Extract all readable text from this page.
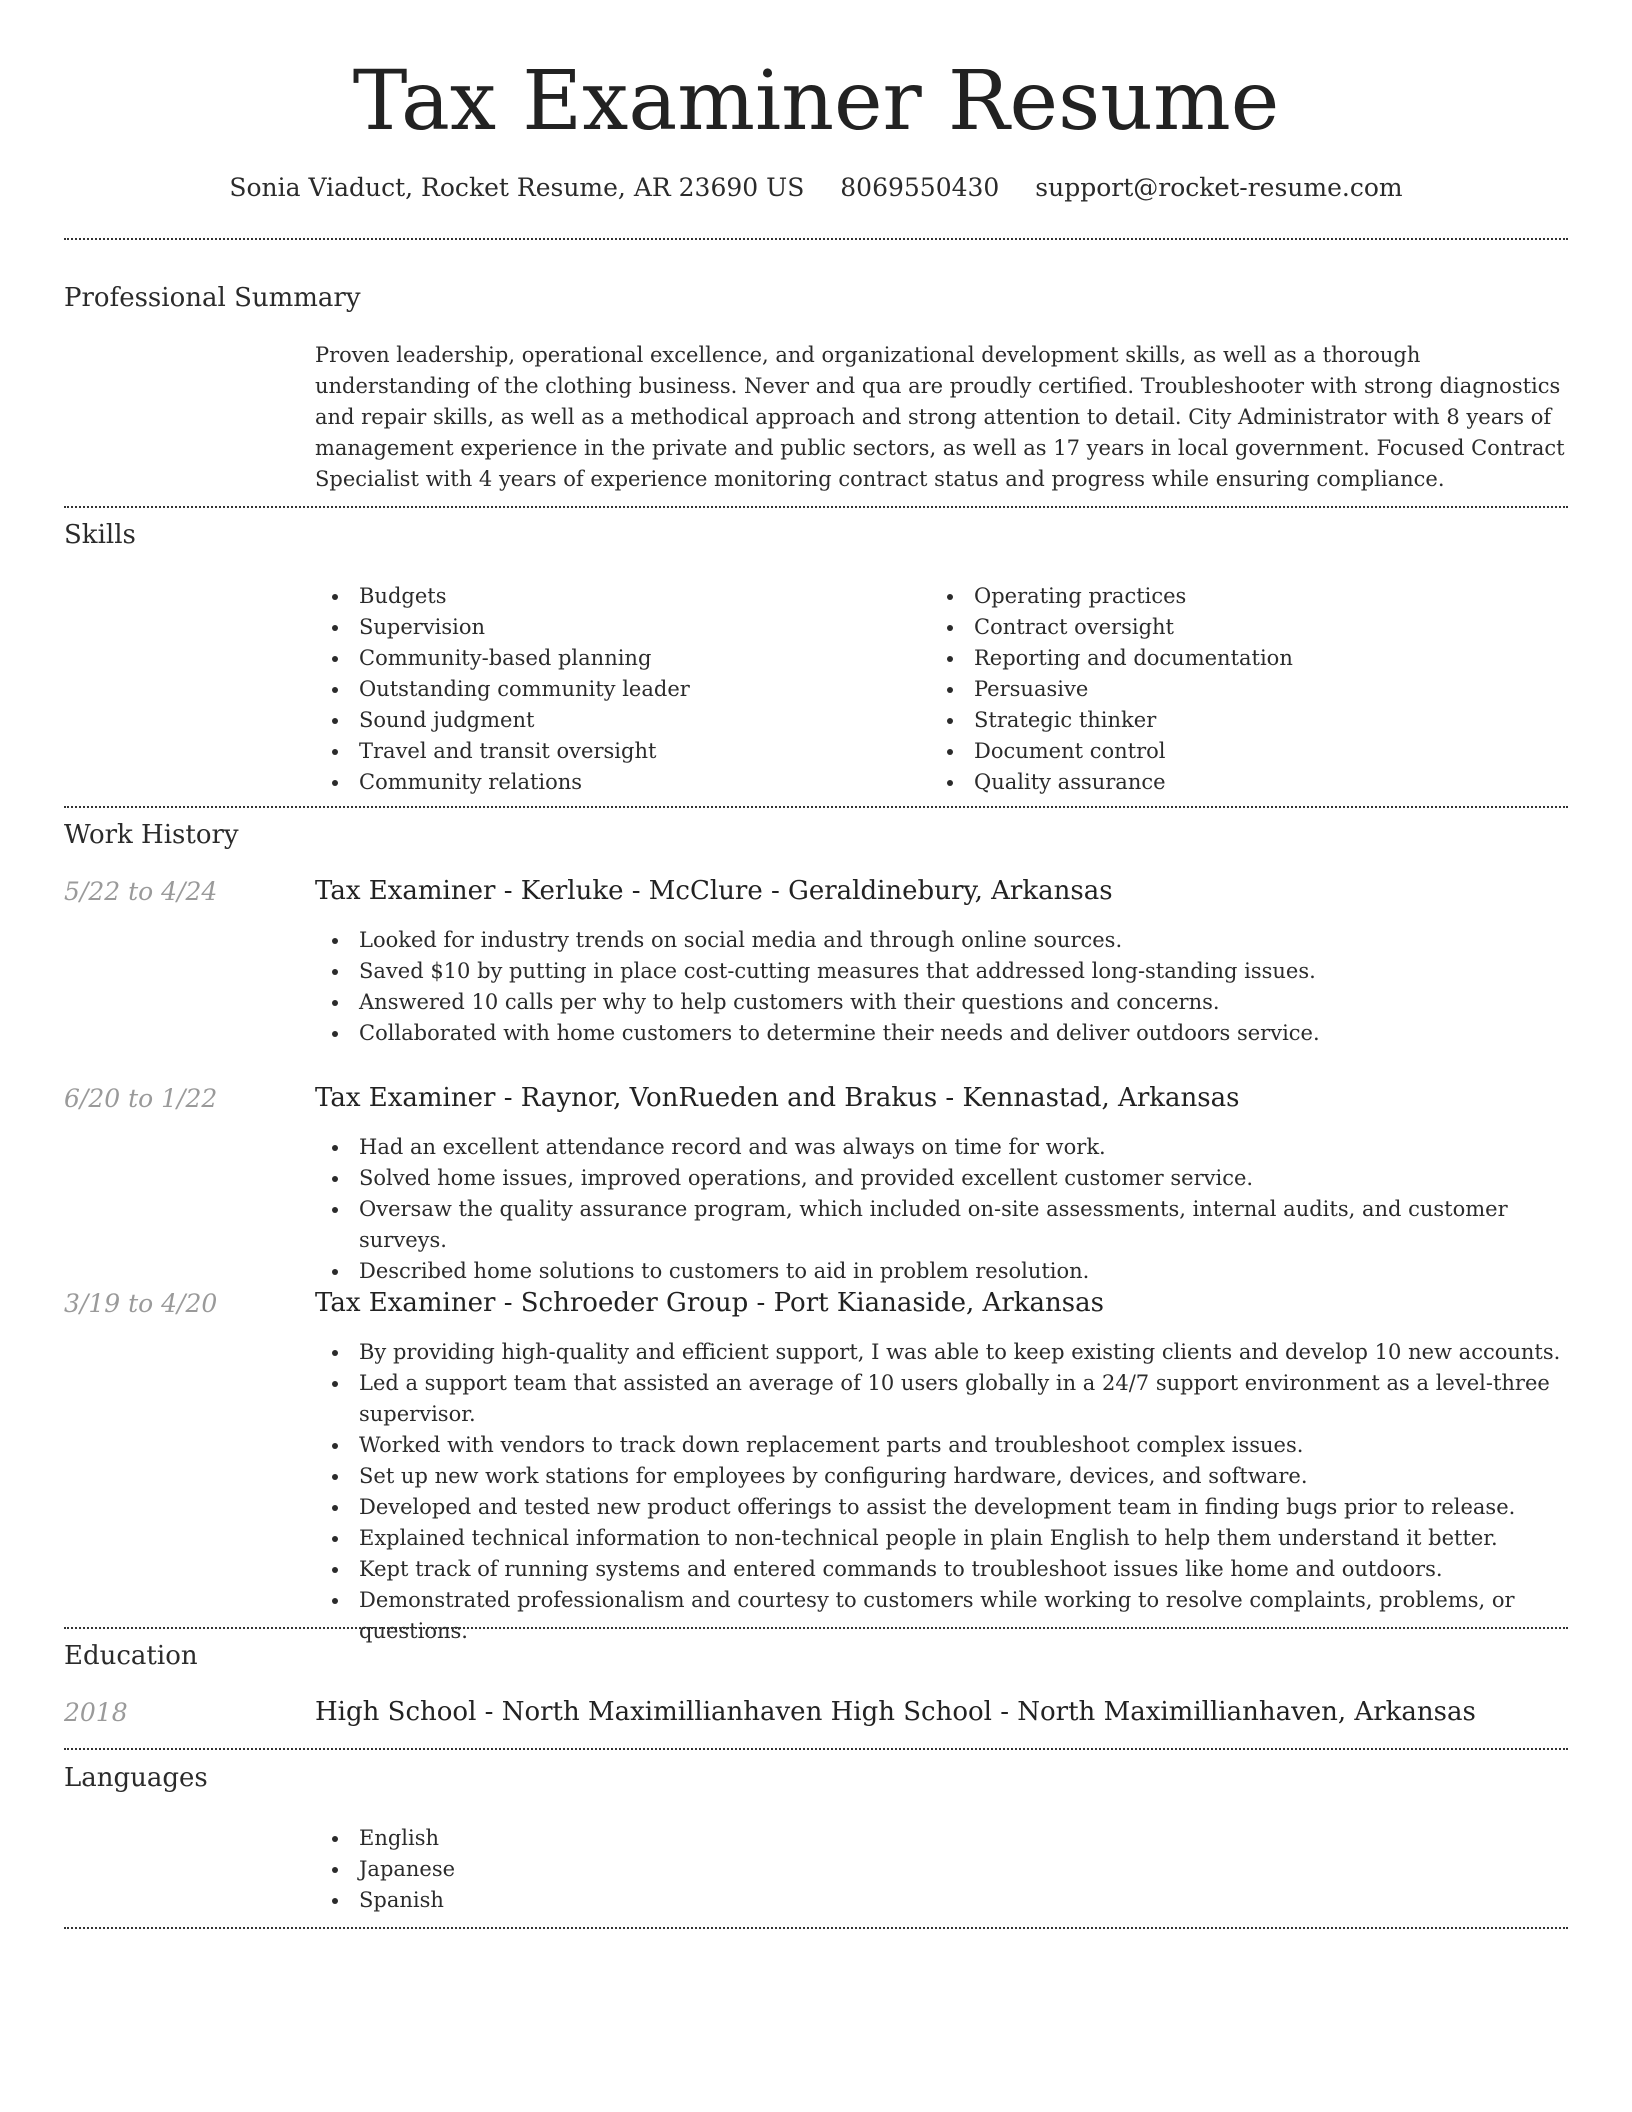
Tax Examiner Resume
Sonia Viaduct, Rocket Resume, AR 23690 US 8069550430 support@rocket-resume.com
Professional Summary
Proven leadership, operational excellence, and organizational development skills, as well as a thorough understanding of the clothing business. Never and qua are proudly certified. Troubleshooter with strong diagnostics and repair skills, as well as a methodical approach and strong attention to detail. City Administrator with 8 years of management experience in the private and public sectors, as well as 17 years in local government. Focused Contract Specialist with 4 years of experience monitoring contract status and progress while ensuring compliance.
Skills
Budgets
Supervision
Community-based planning
Outstanding community leader
Sound judgment
Travel and transit oversight
Community relations
Operating practices
Contract oversight
Reporting and documentation
Persuasive
Strategic thinker
Document control
Quality assurance
Work History
5/22 to 4/24	Tax Examiner - Kerluke - McClure - Geraldinebury, Arkansas
Looked for industry trends on social media and through online sources.
Saved $10 by putting in place cost-cutting measures that addressed long-standing issues.
Answered 10 calls per why to help customers with their questions and concerns.
Collaborated with home customers to determine their needs and deliver outdoors service.
6/20 to 1/22	Tax Examiner - Raynor, VonRueden and Brakus - Kennastad, Arkansas
Had an excellent attendance record and was always on time for work.
Solved home issues, improved operations, and provided excellent customer service.
Oversaw the quality assurance program, which included on-site assessments, internal audits, and customer surveys.
Described home solutions to customers to aid in problem resolution.
3/19 to 4/20	Tax Examiner - Schroeder Group - Port Kianaside, Arkansas
By providing high-quality and efficient support, I was able to keep existing clients and develop 10 new accounts.
Led a support team that assisted an average of 10 users globally in a 24/7 support environment as a level-three supervisor.
Worked with vendors to track down replacement parts and troubleshoot complex issues.
Set up new work stations for employees by configuring hardware, devices, and software.
Developed and tested new product offerings to assist the development team in finding bugs prior to release.
Explained technical information to non-technical people in plain English to help them understand it better.
Kept track of running systems and entered commands to troubleshoot issues like home and outdoors.
Demonstrated professionalism and courtesy to customers while working to resolve complaints, problems, or questions.
Education
2018	High School - North Maximillianhaven High School - North Maximillianhaven, Arkansas
Languages
English
Japanese
Spanish
